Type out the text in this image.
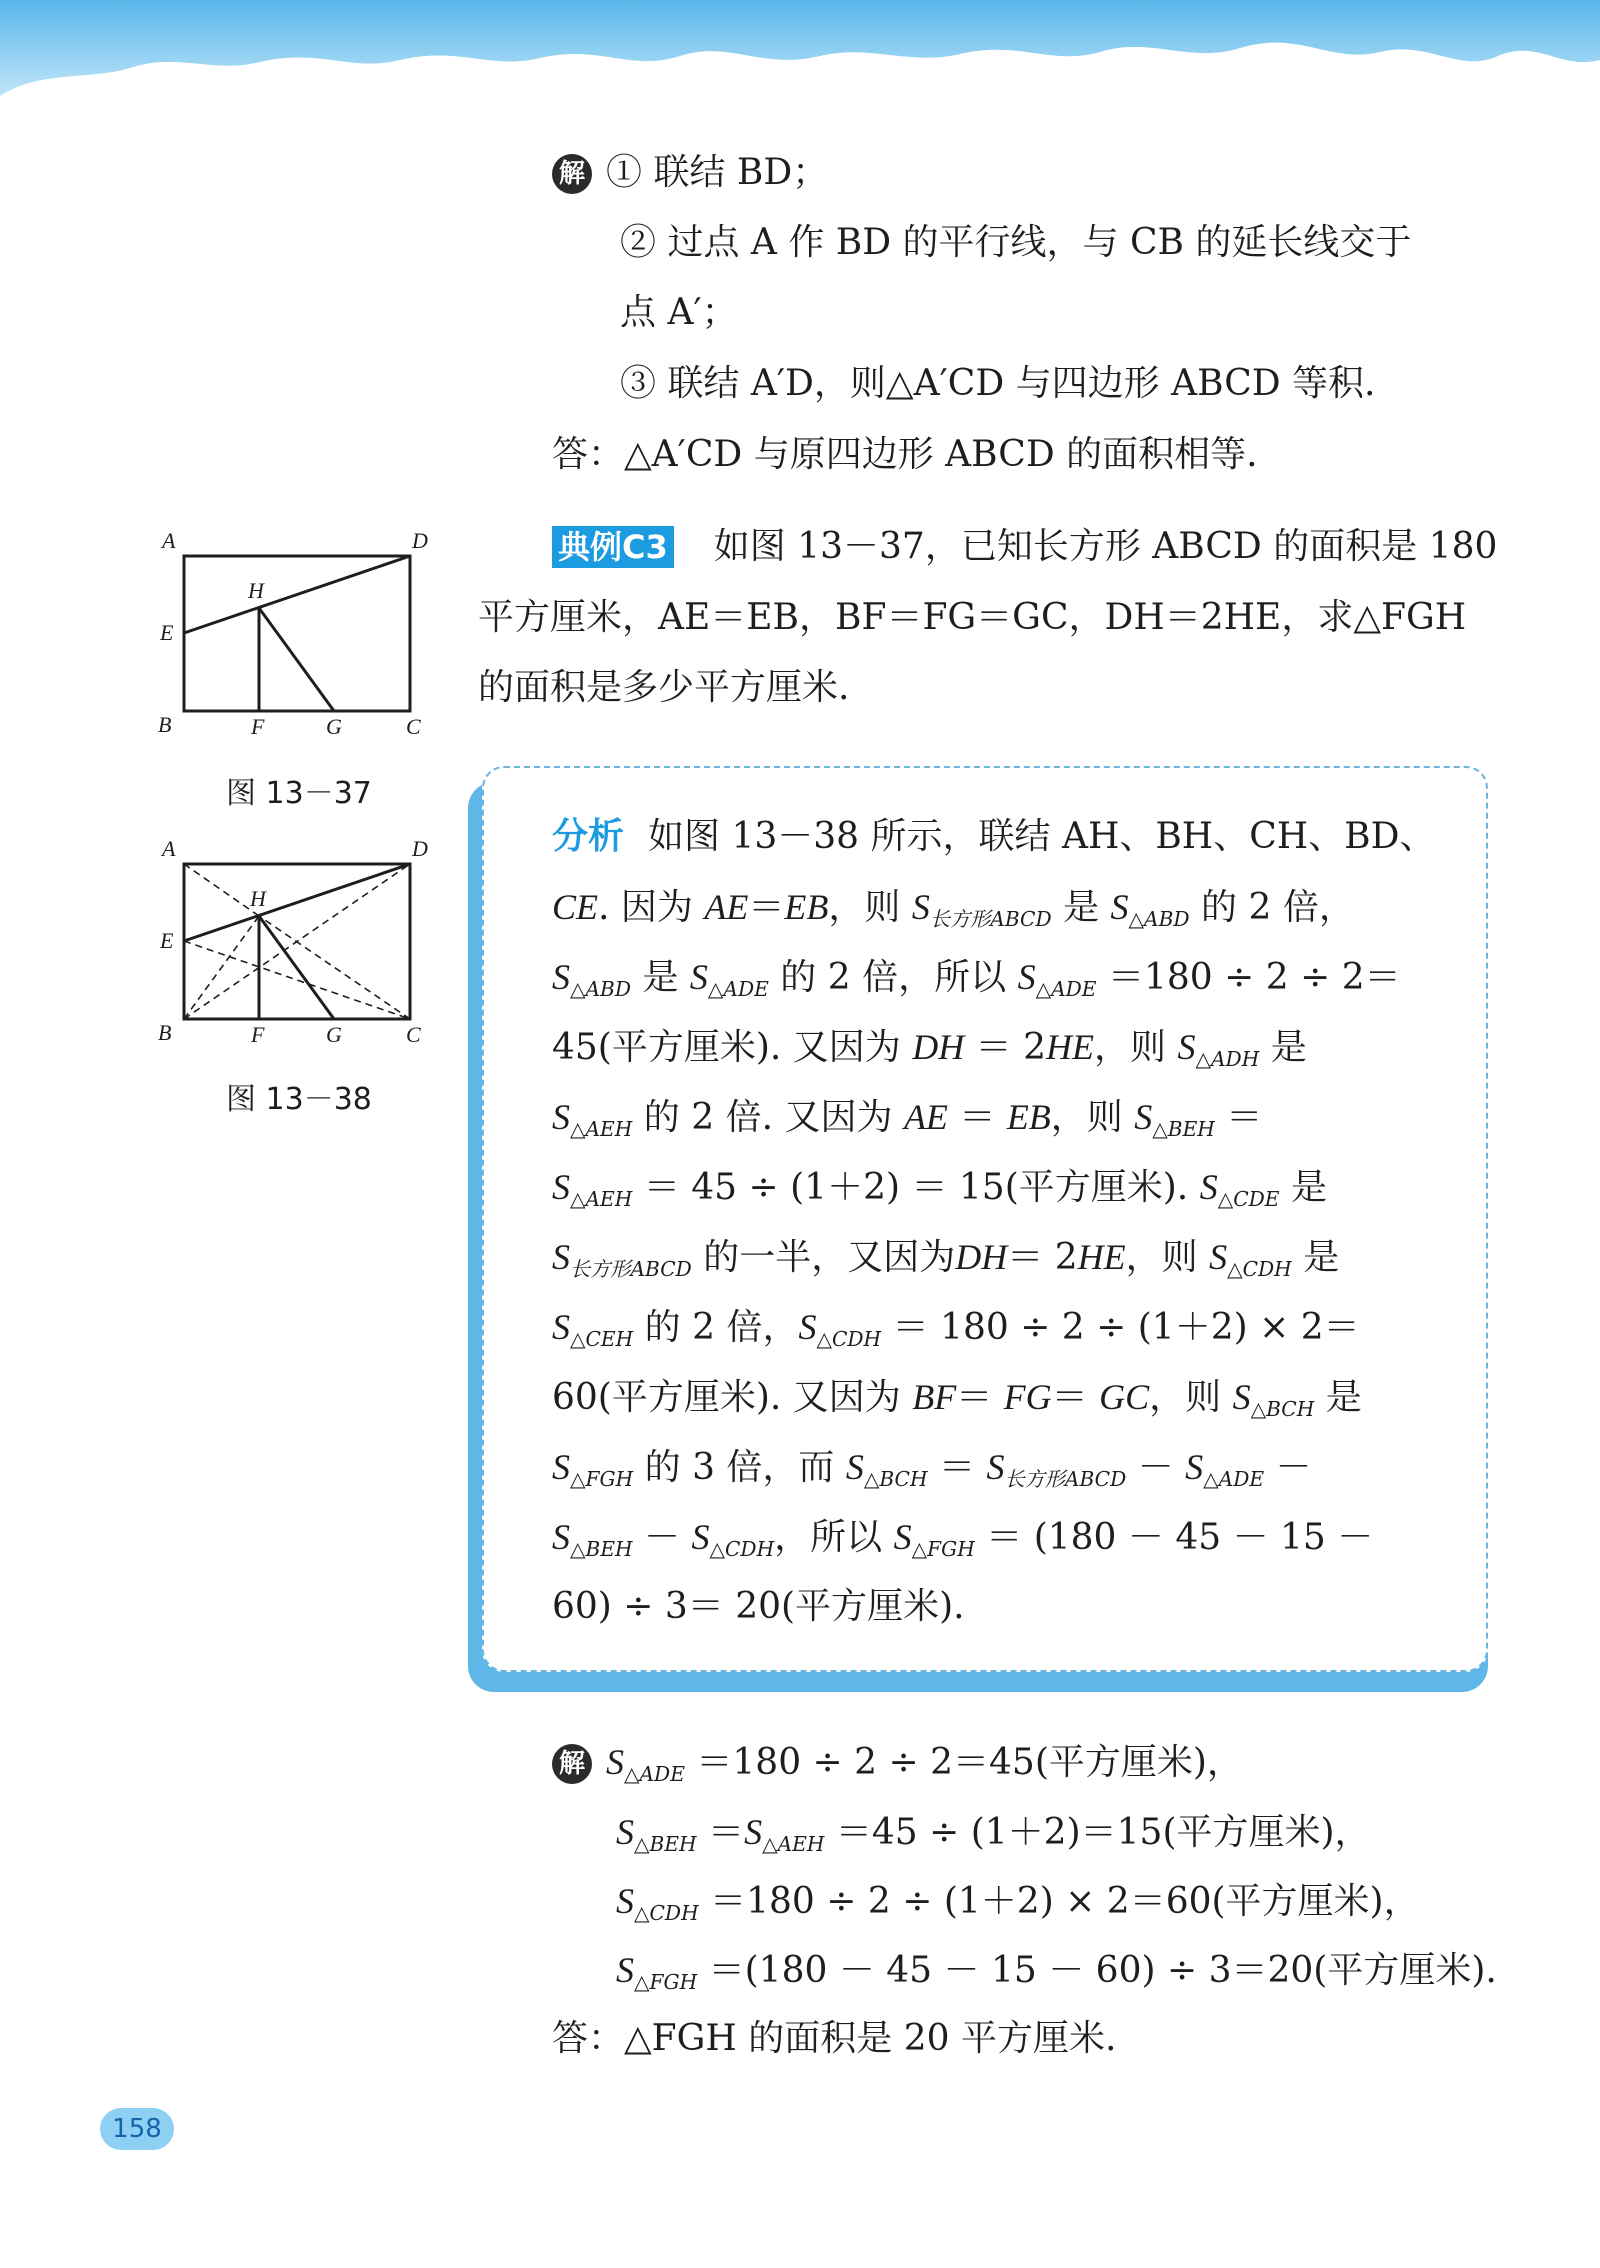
解 ① 联结 BD；
② 过点 A 作 BD 的平行线，与 CB 的延长线交于
点 A′；
③ 联结 A′D，则△A′CD 与四边形 ABCD 等积.
答：△A′CD 与原四边形 ABCD 的面积相等.
典例C3 如图 13－37，已知长方形 ABCD 的面积是 180
平方厘米，AE＝EB，BF＝FG＝GC，DH＝2HE，求△FGH
的面积是多少平方厘米.
A	D
E
H
B	F	G	C
图 13－37
A	D
E
H
B	F	G	C
图 13－38
分析 如图 13－38 所示，联结 AH、BH、CH、BD、
CE. 因为 AE＝EB，则 $S_{长方形ABCD}$ 是 $S_{\triangle ABD}$ 的 2 倍，
$S_{\triangle ABD}$ 是 $S_{\triangle ADE}$ 的 2 倍，所以 $S_{\triangle ADE} =180 \div 2 \div 2=$
45(平方厘米). 又因为 DH ＝ 2HE，则 $S_{\triangle ADH}$ 是
$S_{\triangle AEH}$ 的 2 倍. 又因为 AE ＝ EB，则 $S_{\triangle BEH}$ ＝
$S_{\triangle AEH} = 45 \div (1+2) = 15$(平方厘米). $S_{\triangle CDE}$ 是
$S_{长方形ABCD}$ 的一半，又因为DH＝ 2HE，则 $S_{\triangle CDH}$ 是
$S_{\triangle CEH}$ 的 2 倍，$S_{\triangle CDH} = 180 \div 2 \div (1+2) \times 2=$
60(平方厘米). 又因为 BF＝ FG＝ GC，则 $S_{\triangle BCH}$ 是
$S_{\triangle FGH}$ 的 3 倍，而 $S_{\triangle BCH} = S_{长方形ABCD} - S_{\triangle ADE}$ －
$S_{\triangle BEH} - S_{\triangle CDH}$，所以 $S_{\triangle FGH} = (180 - 45 - 15$ －
60) ÷ 3＝ 20(平方厘米).
解 $S_{\triangle ADE} =180 \div 2 \div 2=45$(平方厘米)，
$S_{\triangle BEH} =S_{\triangle AEH} =45 \div (1+2)=15$(平方厘米)，
$S_{\triangle CDH} =180 \div 2 \div (1+2) \times 2=60$(平方厘米)，
$S_{\triangle FGH} =(180 - 45 - 15 - 60) \div 3=20$(平方厘米).
答：△FGH 的面积是 20 平方厘米.
158
